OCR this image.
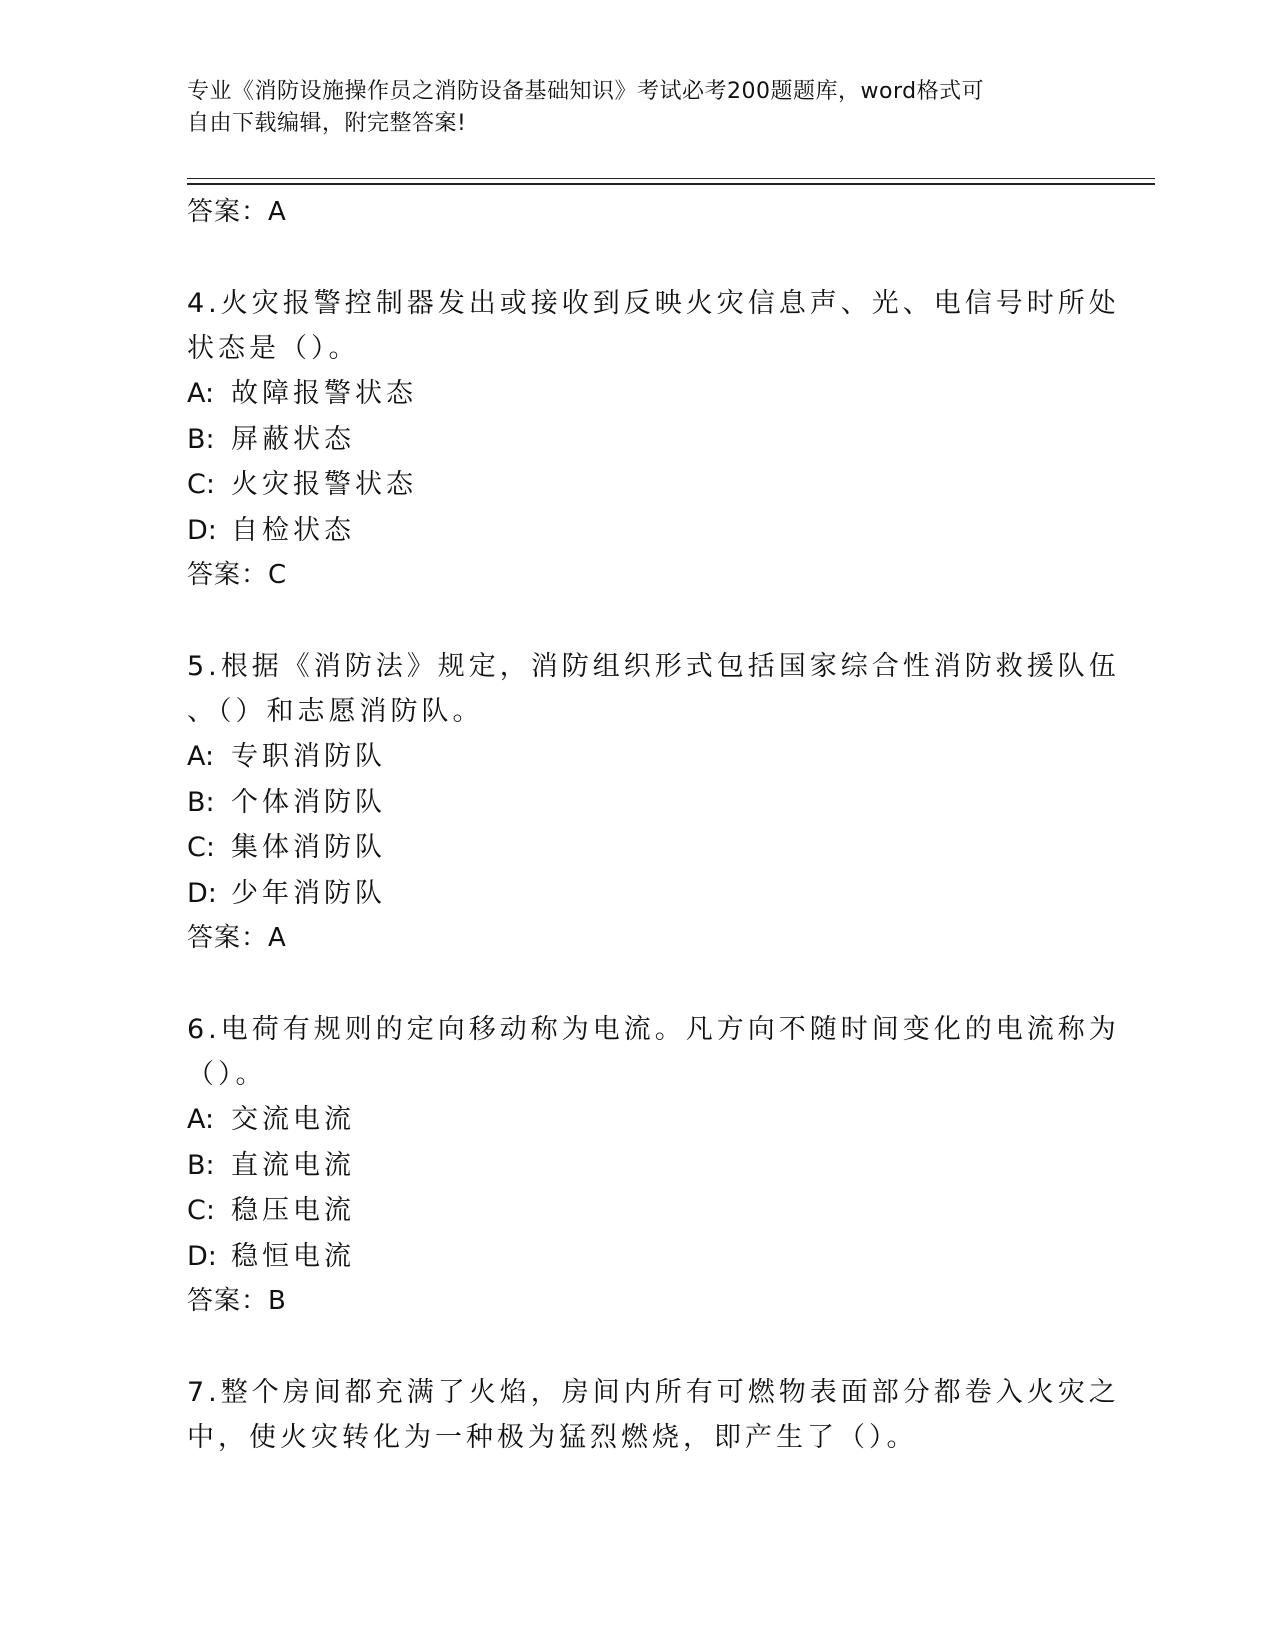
专业《消防设施操作员之消防设备基础知识》考试必考200题题库，word格式可
自由下载编辑，附完整答案!
答案：A
4.火灾报警控制器发出或接收到反映火灾信息声、光、电信号时所处
状态是（）。
A: 故障报警状态
B: 屏蔽状态
C: 火灾报警状态
D: 自检状态
答案：C
5.根据《消防法》规定，消防组织形式包括国家综合性消防救援队伍
、（）和志愿消防队。
A: 专职消防队
B: 个体消防队
C: 集体消防队
D: 少年消防队
答案：A
6.电荷有规则的定向移动称为电流。凡方向不随时间变化的电流称为
（）。
A: 交流电流
B: 直流电流
C: 稳压电流
D: 稳恒电流
答案：B
7.整个房间都充满了火焰，房间内所有可燃物表面部分都卷入火灾之
中，使火灾转化为一种极为猛烈燃烧，即产生了（）。
